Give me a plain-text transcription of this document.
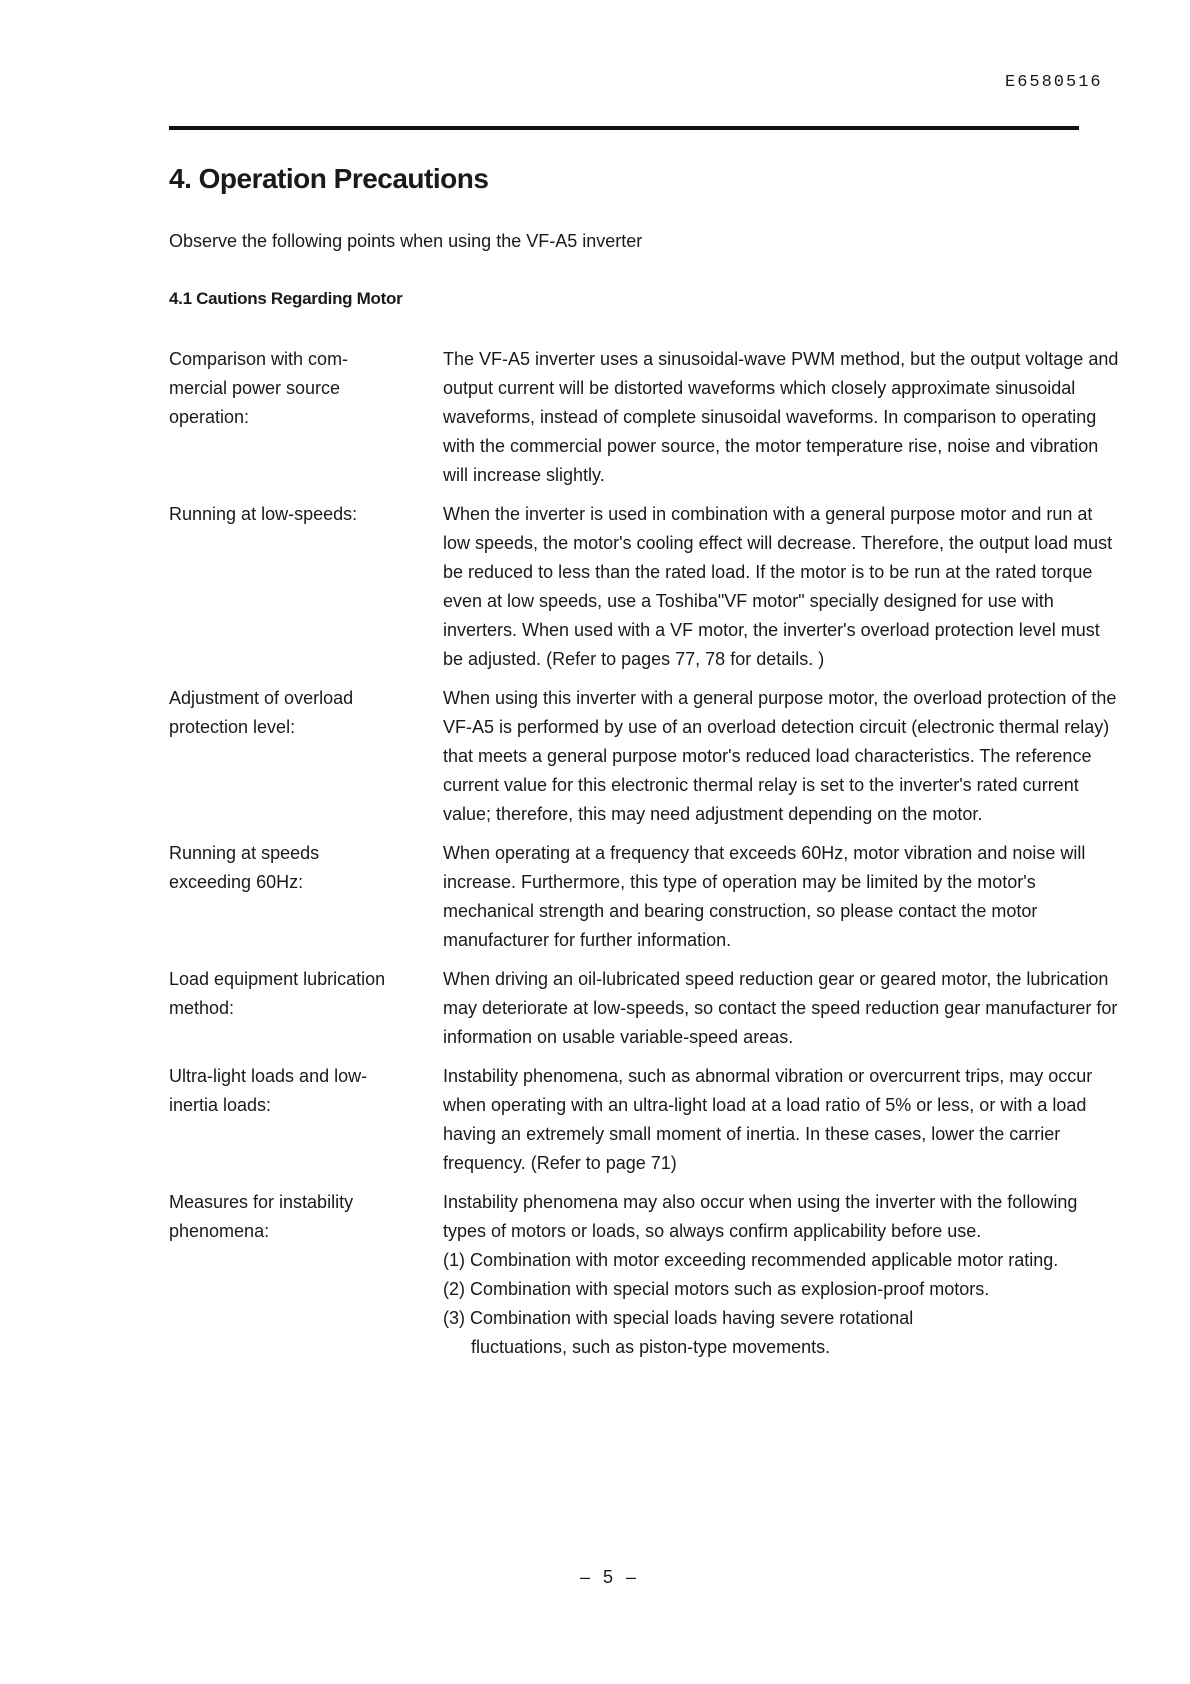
E6580516
4. Operation Precautions
Observe the following points when using the VF-A5 inverter
4.1 Cautions Regarding Motor
Comparison with com-
mercial power source
operation:

The VF-A5 inverter uses a sinusoidal-wave PWM method, but the output voltage and output current will be distorted waveforms which closely approximate sinusoidal waveforms, instead of complete sinusoidal waveforms. In comparison to operating with the commercial power source, the motor temperature rise, noise and vibration will increase slightly.

Running at low-speeds:	When the inverter is used in combination with a general purpose motor and run at low speeds, the motor's cooling effect will decrease. Therefore, the output load must be reduced to less than the rated load. If the motor is to be run at the rated torque even at low speeds, use a Toshiba"VF motor" specially designed for use with inverters. When used with a VF motor, the inverter's overload protection level must be adjusted. (Refer to pages 77, 78 for details. )

Adjustment of overload
protection level:

When using this inverter with a general purpose motor, the overload protection of the VF-A5 is performed by use of an overload detection circuit (electronic thermal relay) that meets a general purpose motor's reduced load characteristics. The reference current value for this electronic thermal relay is set to the inverter's rated current value; therefore, this may need adjustment depending on the motor.

Running at speeds
exceeding 60Hz:

When operating at a frequency that exceeds 60Hz, motor vibration and noise will increase. Furthermore, this type of operation may be limited by the motor's mechanical strength and bearing construction, so please contact the motor manufacturer for further information.

Load equipment lubrication
method:

When driving an oil-lubricated speed reduction gear or geared motor, the lubrication may deteriorate at low-speeds, so contact the speed reduction gear manufacturer for information on usable variable-speed areas.

Ultra-light loads and low-
inertia loads:

Instability phenomena, such as abnormal vibration or overcurrent trips, may occur when operating with an ultra-light load at a load ratio of 5% or less, or with a load having an extremely small moment of inertia. In these cases, lower the carrier frequency. (Refer to page 71)

Measures for instability
phenomena:

Instability phenomena may also occur when using the inverter with the following types of motors or loads, so always confirm applicability before use.

(1) Combination with motor exceeding recommended applicable motor rating.

(2) Combination with special motors such as explosion-proof motors.

(3) Combination with special loads having severe rotational

fluctuations, such as piston-type movements.

– 5 –
